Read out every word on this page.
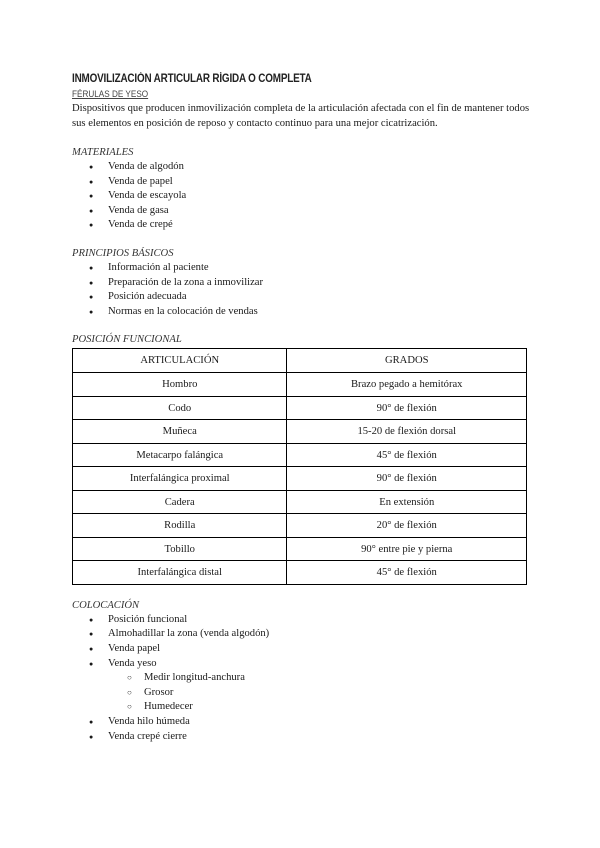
INMOVILIZACIÓN ARTICULAR RÍGIDA O COMPLETA

FÉRULAS DE YESO

Dispositivos que producen inmovilización completa de la articulación afectada con el fin de mantener todos sus elementos en posición de reposo y contacto continuo para una mejor cicatrización.

MATERIALES

● Venda de algodón
● Venda de papel
● Venda de escayola
● Venda de gasa
● Venda de crepé

PRINCIPIOS BÁSICOS

● Información al paciente
● Preparación de la zona a inmovilizar
● Posición adecuada
● Normas en la colocación de vendas

POSICIÓN FUNCIONAL

ARTICULACIÓN	GRADOS
Hombro	Brazo pegado a hemitórax
Codo	90° de flexión
Muñeca	15-20 de flexión dorsal
Metacarpo falángica	45° de flexión
Interfalángica proximal	90° de flexión
Cadera	En extensión
Rodilla	20° de flexión
Tobillo	90° entre pie y pierna
Interfalángica distal	45° de flexión

COLOCACIÓN

● Posición funcional
● Almohadillar la zona (venda algodón)
● Venda papel
● Venda yeso
○ Medir longitud-anchura
○ Grosor
○ Humedecer
● Venda hilo húmeda
● Venda crepé cierre
